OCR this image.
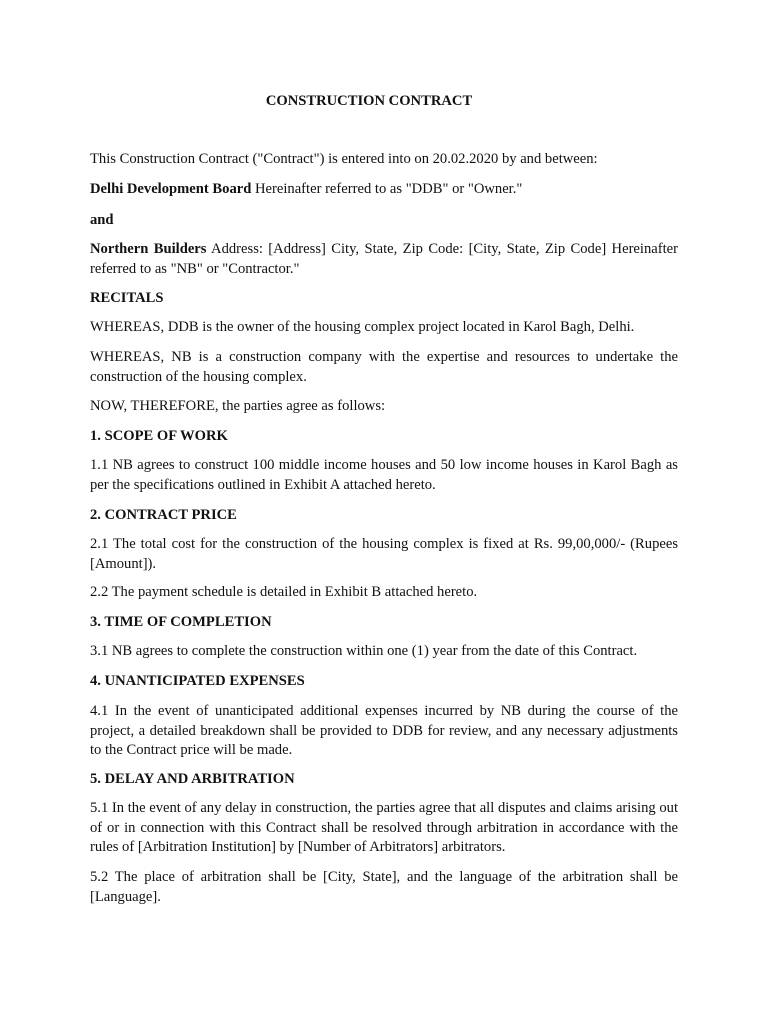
CONSTRUCTION CONTRACT

This Construction Contract ("Contract") is entered into on 20.02.2020 by and between:

Delhi Development Board Hereinafter referred to as "DDB" or "Owner."

and

Northern Builders Address: [Address] City, State, Zip Code: [City, State, Zip Code] Hereinafter referred to as "NB" or "Contractor."

RECITALS

WHEREAS, DDB is the owner of the housing complex project located in Karol Bagh, Delhi.

WHEREAS, NB is a construction company with the expertise and resources to undertake the construction of the housing complex.

NOW, THEREFORE, the parties agree as follows:

1. SCOPE OF WORK

1.1 NB agrees to construct 100 middle income houses and 50 low income houses in Karol Bagh as per the specifications outlined in Exhibit A attached hereto.

2. CONTRACT PRICE

2.1 The total cost for the construction of the housing complex is fixed at Rs. 99,00,000/- (Rupees [Amount]).

2.2 The payment schedule is detailed in Exhibit B attached hereto.

3. TIME OF COMPLETION

3.1 NB agrees to complete the construction within one (1) year from the date of this Contract.

4. UNANTICIPATED EXPENSES

4.1 In the event of unanticipated additional expenses incurred by NB during the course of the project, a detailed breakdown shall be provided to DDB for review, and any necessary adjustments to the Contract price will be made.

5. DELAY AND ARBITRATION

5.1 In the event of any delay in construction, the parties agree that all disputes and claims arising out of or in connection with this Contract shall be resolved through arbitration in accordance with the rules of [Arbitration Institution] by [Number of Arbitrators] arbitrators.

5.2 The place of arbitration shall be [City, State], and the language of the arbitration shall be [Language].
